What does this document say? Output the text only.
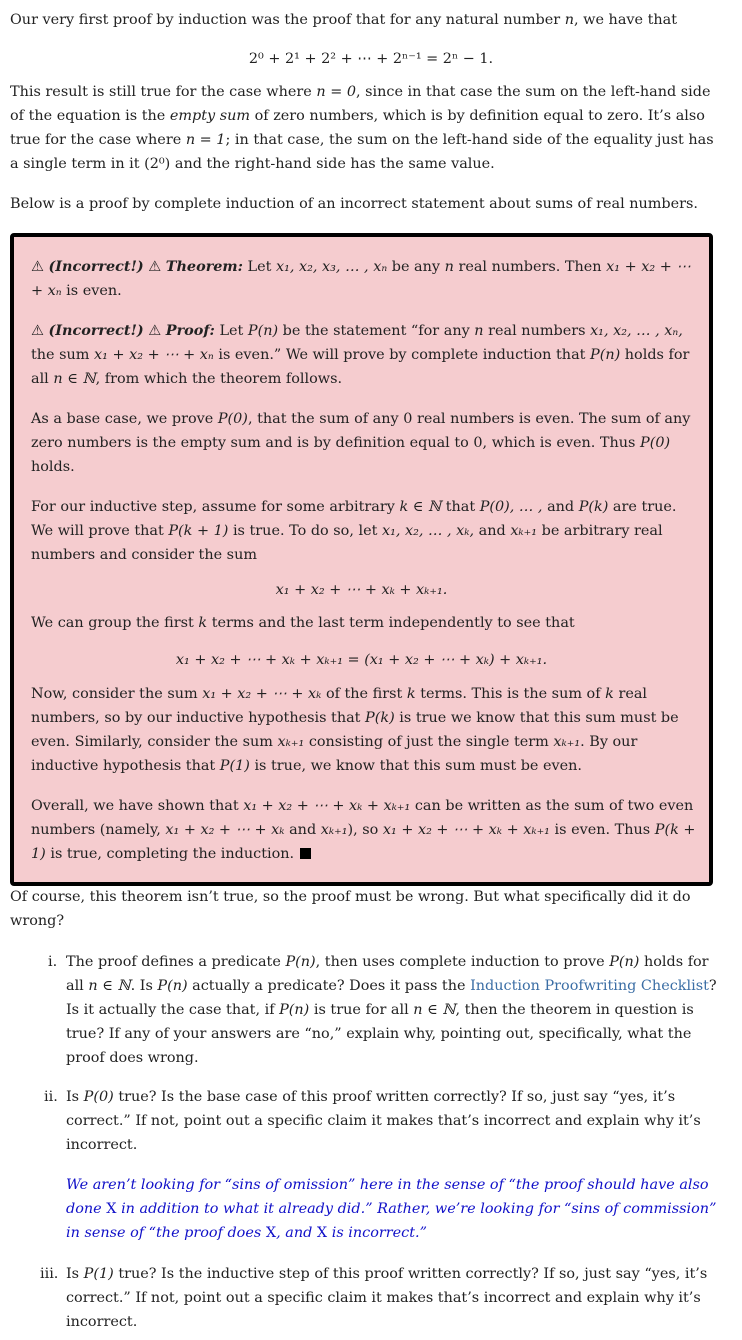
Our very first proof by induction was the proof that for any natural number n, we have that

2⁰ + 2¹ + 2² + ⋯ + 2ⁿ⁻¹ = 2ⁿ − 1.

This result is still true for the case where n = 0, since in that case the sum on the left-hand side of the equation is the empty sum of zero numbers, which is by definition equal to zero. It’s also true for the case where n = 1; in that case, the sum on the left-hand side of the equality just has a single term in it (2⁰) and the right-hand side has the same value.

Below is a proof by complete induction of an incorrect statement about sums of real numbers.

⚠ (Incorrect!) ⚠ Theorem: Let x₁, x₂, x₃, … , xₙ be any n real numbers. Then x₁ + x₂ + ⋯ + xₙ is even.

⚠ (Incorrect!) ⚠ Proof: Let P(n) be the statement “for any n real numbers x₁, x₂, … , xₙ, the sum x₁ + x₂ + ⋯ + xₙ is even.” We will prove by complete induction that P(n) holds for all n ∈ ℕ, from which the theorem follows.

As a base case, we prove P(0), that the sum of any 0 real numbers is even. The sum of any zero numbers is the empty sum and is by definition equal to 0, which is even. Thus P(0) holds.

For our inductive step, assume for some arbitrary k ∈ ℕ that P(0), … , and P(k) are true. We will prove that P(k + 1) is true. To do so, let x₁, x₂, … , xₖ, and xₖ₊₁ be arbitrary real numbers and consider the sum

x₁ + x₂ + ⋯ + xₖ + xₖ₊₁.

We can group the first k terms and the last term independently to see that

x₁ + x₂ + ⋯ + xₖ + xₖ₊₁ = (x₁ + x₂ + ⋯ + xₖ) + xₖ₊₁.

Now, consider the sum x₁ + x₂ + ⋯ + xₖ of the first k terms. This is the sum of k real numbers, so by our inductive hypothesis that P(k) is true we know that this sum must be even. Similarly, consider the sum xₖ₊₁ consisting of just the single term xₖ₊₁. By our inductive hypothesis that P(1) is true, we know that this sum must be even.

Overall, we have shown that x₁ + x₂ + ⋯ + xₖ + xₖ₊₁ can be written as the sum of two even numbers (namely, x₁ + x₂ + ⋯ + xₖ and xₖ₊₁), so x₁ + x₂ + ⋯ + xₖ + xₖ₊₁ is even. Thus P(k + 1) is true, completing the induction.

Of course, this theorem isn’t true, so the proof must be wrong. But what specifically did it do wrong?

i. The proof defines a predicate P(n), then uses complete induction to prove P(n) holds for all n ∈ ℕ. Is P(n) actually a predicate? Does it pass the Induction Proofwriting Checklist? Is it actually the case that, if P(n) is true for all n ∈ ℕ, then the theorem in question is true? If any of your answers are “no,” explain why, pointing out, specifically, what the proof does wrong.

ii. Is P(0) true? Is the base case of this proof written correctly? If so, just say “yes, it’s correct.” If not, point out a specific claim it makes that’s incorrect and explain why it’s incorrect.

We aren’t looking for “sins of omission” here in the sense of “the proof should have also done X in addition to what it already did.” Rather, we’re looking for “sins of commission” in sense of “the proof does X, and X is incorrect.”

iii. Is P(1) true? Is the inductive step of this proof written correctly? If so, just say “yes, it’s correct.” If not, point out a specific claim it makes that’s incorrect and explain why it’s incorrect.
